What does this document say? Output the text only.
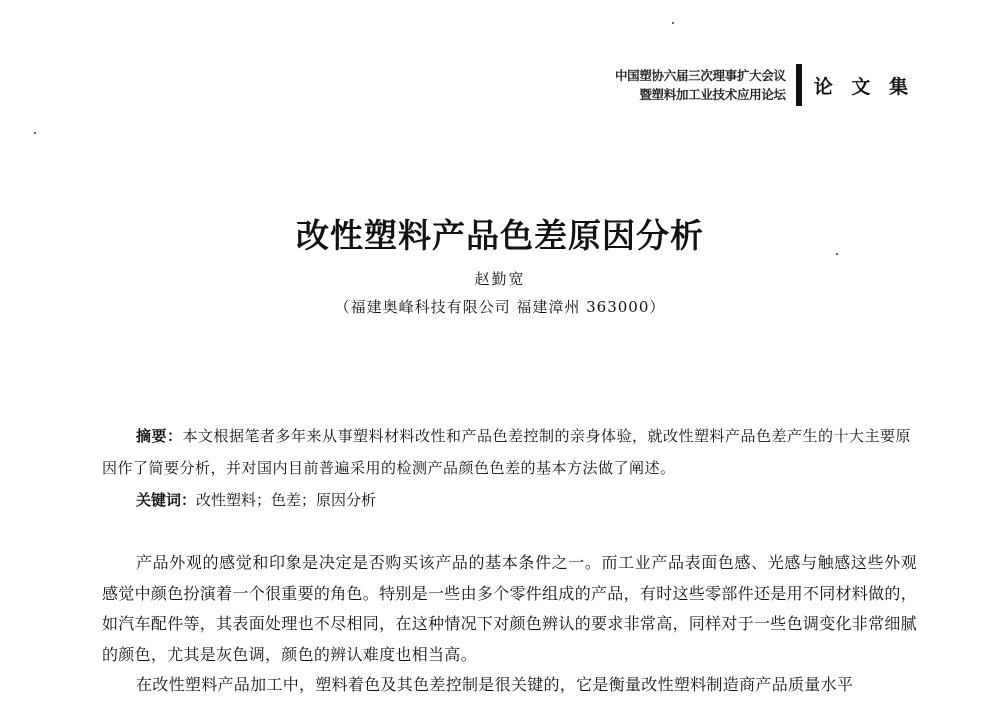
中国塑协六届三次理事扩大会议
暨塑料加工业技术应用论坛 论 文 集
改性塑料产品色差原因分析
赵勤宽
（福建奥峰科技有限公司 福建漳州 363000）
摘要：本文根据笔者多年来从事塑料材料改性和产品色差控制的亲身体验，就改性塑料产品色差产生的十大主要原因作了简要分析，并对国内目前普遍采用的检测产品颜色色差的基本方法做了阐述。
关键词：改性塑料；色差；原因分析

产品外观的感觉和印象是决定是否购买该产品的基本条件之一。而工业产品表面色感、光感与触感这些外观感觉中颜色扮演着一个很重要的角色。特别是一些由多个零件组成的产品，有时这些零部件还是用不同材料做的，如汽车配件等，其表面处理也不尽相同，在这种情况下对颜色辨认的要求非常高，同样对于一些色调变化非常细腻的颜色，尤其是灰色调，颜色的辨认难度也相当高。

在改性塑料产品加工中，塑料着色及其色差控制是很关键的，它是衡量改性塑料制造商产品质量水平
